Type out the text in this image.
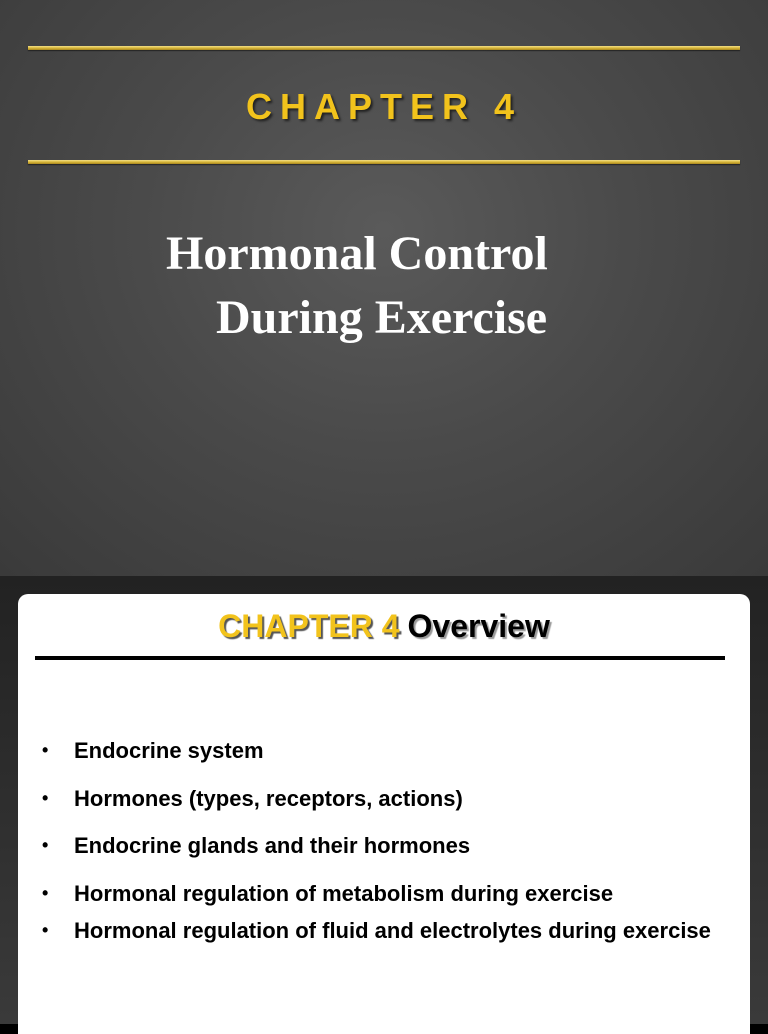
CHAPTER 4
Hormonal Control
During Exercise
CHAPTER 4 Overview
• Endocrine system
• Hormones (types, receptors, actions)
• Endocrine glands and their hormones
• Hormonal regulation of metabolism during exercise
• Hormonal regulation of fluid and electrolytes during exercise
